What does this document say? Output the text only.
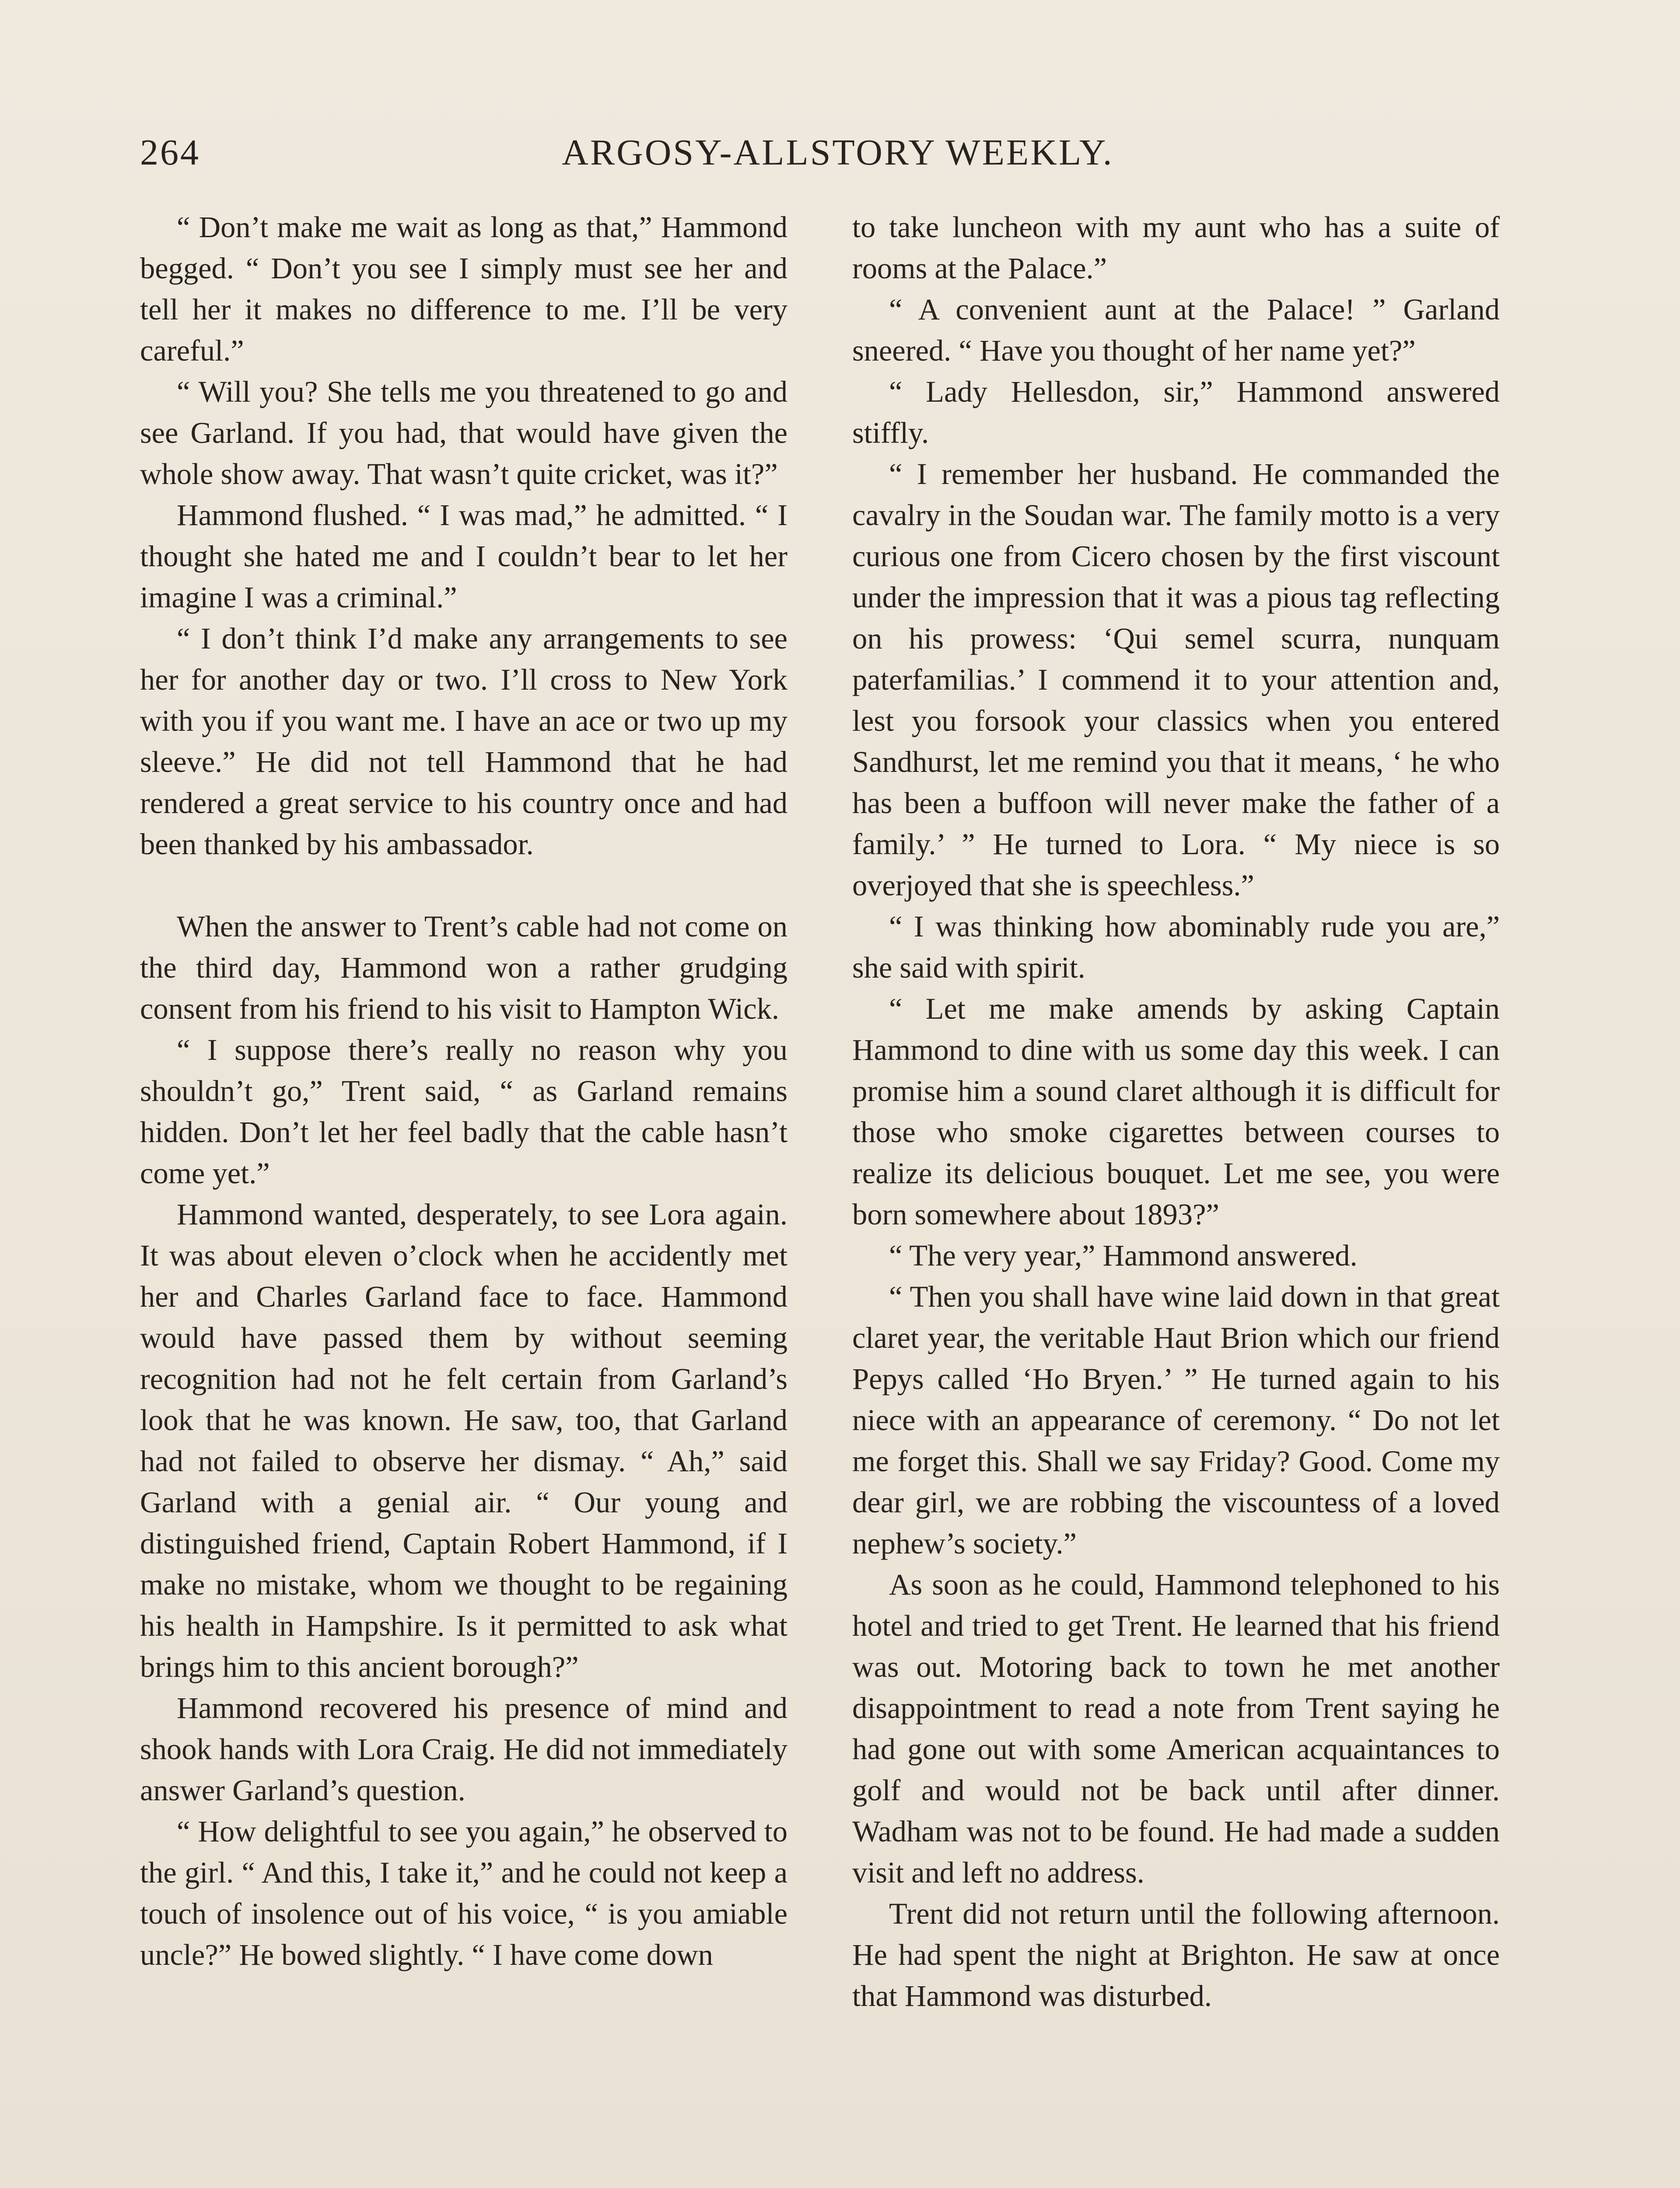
264	ARGOSY-ALLSTORY WEEKLY.

“ Don’t make me wait as long as that,” Hammond begged. “ Don’t you see I simply must see her and tell her it makes no difference to me. I’ll be very careful.”

“ Will you? She tells me you threatened to go and see Garland. If you had, that would have given the whole show away. That wasn’t quite cricket, was it?”

Hammond flushed. “ I was mad,” he admitted. “ I thought she hated me and I couldn’t bear to let her imagine I was a criminal.”

“ I don’t think I’d make any arrangements to see her for another day or two. I’ll cross to New York with you if you want me. I have an ace or two up my sleeve.” He did not tell Hammond that he had rendered a great service to his country once and had been thanked by his ambassador.

When the answer to Trent’s cable had not come on the third day, Hammond won a rather grudging consent from his friend to his visit to Hampton Wick.

“ I suppose there’s really no reason why you shouldn’t go,” Trent said, “ as Garland remains hidden. Don’t let her feel badly that the cable hasn’t come yet.”

Hammond wanted, desperately, to see Lora again. It was about eleven o’clock when he accidently met her and Charles Garland face to face. Hammond would have passed them by without seeming recognition had not he felt certain from Garland’s look that he was known. He saw, too, that Garland had not failed to observe her dismay. “ Ah,” said Garland with a genial air. “ Our young and distinguished friend, Captain Robert Hammond, if I make no mistake, whom we thought to be regaining his health in Hampshire. Is it permitted to ask what brings him to this ancient borough?”

Hammond recovered his presence of mind and shook hands with Lora Craig. He did not immediately answer Garland’s question.

“ How delightful to see you again,” he observed to the girl. “ And this, I take it,” and he could not keep a touch of insolence out of his voice, “ is you amiable uncle?” He bowed slightly. “ I have come down

to take luncheon with my aunt who has a suite of rooms at the Palace.”

“ A convenient aunt at the Palace! ” Garland sneered. “ Have you thought of her name yet?”

“ Lady Hellesdon, sir,” Hammond answered stiffly.

“ I remember her husband. He commanded the cavalry in the Soudan war. The family motto is a very curious one from Cicero chosen by the first viscount under the impression that it was a pious tag reflecting on his prowess: ‘Qui semel scurra, nunquam paterfamilias.’ I commend it to your attention and, lest you forsook your classics when you entered Sandhurst, let me remind you that it means, ‘ he who has been a buffoon will never make the father of a family.’ ” He turned to Lora. “ My niece is so overjoyed that she is speechless.”

“ I was thinking how abominably rude you are,” she said with spirit.

“ Let me make amends by asking Captain Hammond to dine with us some day this week. I can promise him a sound claret although it is difficult for those who smoke cigarettes between courses to realize its delicious bouquet. Let me see, you were born somewhere about 1893?”

“ The very year,” Hammond answered.

“ Then you shall have wine laid down in that great claret year, the veritable Haut Brion which our friend Pepys called ‘Ho Bryen.’ ” He turned again to his niece with an appearance of ceremony. “ Do not let me forget this. Shall we say Friday? Good. Come my dear girl, we are robbing the viscountess of a loved nephew’s society.”

As soon as he could, Hammond telephoned to his hotel and tried to get Trent. He learned that his friend was out. Motoring back to town he met another disappointment to read a note from Trent saying he had gone out with some American acquaintances to golf and would not be back until after dinner. Wadham was not to be found. He had made a sudden visit and left no address.

Trent did not return until the following afternoon. He had spent the night at Brighton. He saw at once that Hammond was disturbed.
